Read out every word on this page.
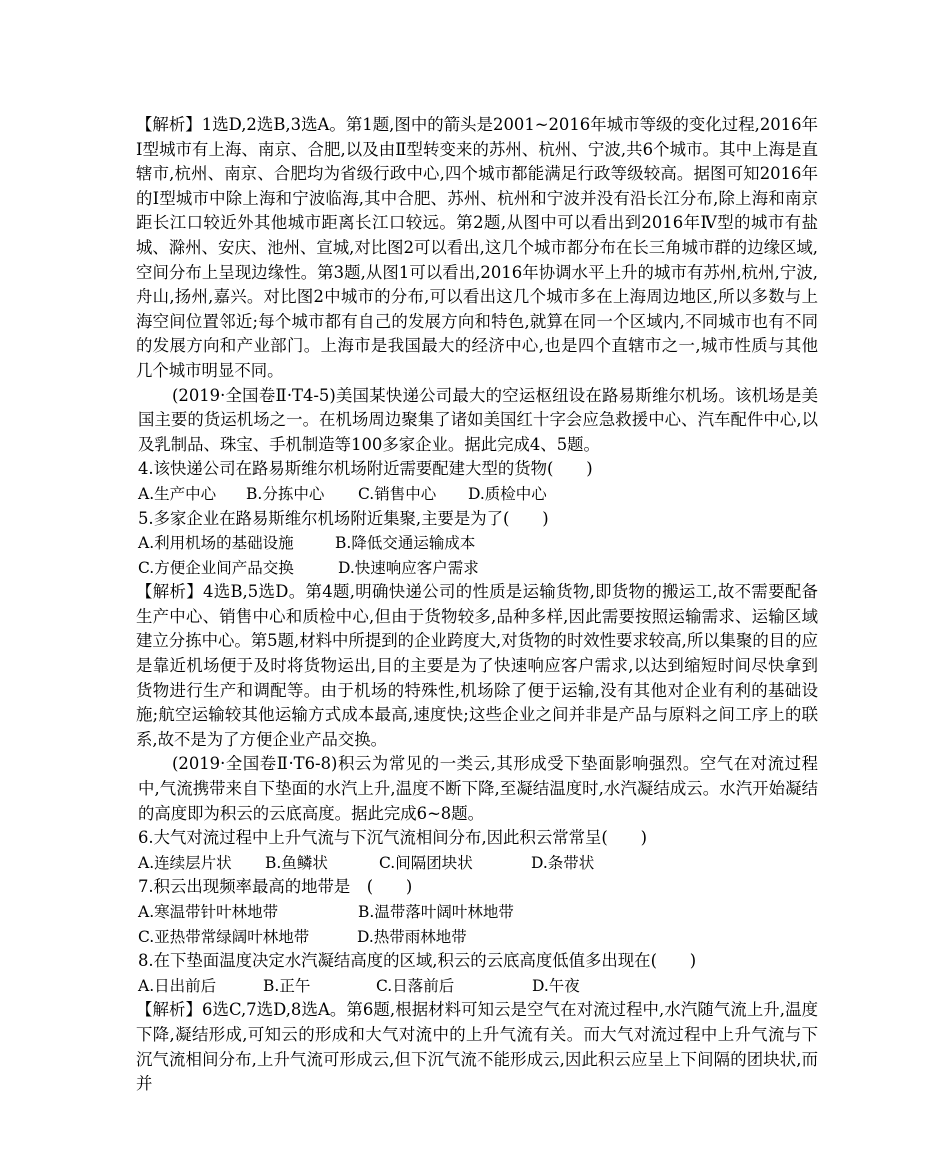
【解析】1选D,2选B,3选A。第1题,图中的箭头是2001~2016年城市等级的变化过程,2016年Ⅰ型城市有上海、南京、合肥,以及由Ⅱ型转变来的苏州、杭州、宁波,共6个城市。其中上海是直辖市,杭州、南京、合肥均为省级行政中心,四个城市都能满足行政等级较高。据图可知2016年的Ⅰ型城市中除上海和宁波临海,其中合肥、苏州、杭州和宁波并没有沿长江分布,除上海和南京距长江口较近外其他城市距离长江口较远。第2题,从图中可以看出到2016年Ⅳ型的城市有盐城、滁州、安庆、池州、宣城,对比图2可以看出,这几个城市都分布在长三角城市群的边缘区域,空间分布上呈现边缘性。第3题,从图1可以看出,2016年协调水平上升的城市有苏州,杭州,宁波,舟山,扬州,嘉兴。对比图2中城市的分布,可以看出这几个城市多在上海周边地区,所以多数与上海空间位置邻近;每个城市都有自己的发展方向和特色,就算在同一个区域内,不同城市也有不同的发展方向和产业部门。上海市是我国最大的经济中心,也是四个直辖市之一,城市性质与其他几个城市明显不同。

(2019·全国卷Ⅱ·T4-5)美国某快递公司最大的空运枢纽设在路易斯维尔机场。该机场是美国主要的货运机场之一。在机场周边聚集了诸如美国红十字会应急救援中心、汽车配件中心,以及乳制品、珠宝、手机制造等100多家企业。据此完成4、5题。

4.该快递公司在路易斯维尔机场附近需要配建大型的货物(　　)

A.生产中心	B.分拣中心	C.销售中心	D.质检中心

5.多家企业在路易斯维尔机场附近集聚,主要是为了(　　)

A.利用机场的基础设施	B.降低交通运输成本
C.方便企业间产品交换	D.快速响应客户需求

【解析】4选B,5选D。第4题,明确快递公司的性质是运输货物,即货物的搬运工,故不需要配备生产中心、销售中心和质检中心,但由于货物较多,品种多样,因此需要按照运输需求、运输区域建立分拣中心。第5题,材料中所提到的企业跨度大,对货物的时效性要求较高,所以集聚的目的应是靠近机场便于及时将货物运出,目的主要是为了快速响应客户需求,以达到缩短时间尽快拿到货物进行生产和调配等。由于机场的特殊性,机场除了便于运输,没有其他对企业有利的基础设施;航空运输较其他运输方式成本最高,速度快;这些企业之间并非是产品与原料之间工序上的联系,故不是为了方便企业产品交换。

(2019·全国卷Ⅱ·T6-8)积云为常见的一类云,其形成受下垫面影响强烈。空气在对流过程中,气流携带来自下垫面的水汽上升,温度不断下降,至凝结温度时,水汽凝结成云。水汽开始凝结的高度即为积云的云底高度。据此完成6~8题。

6.大气对流过程中上升气流与下沉气流相间分布,因此积云常常呈(　　)

A.连续层片状	B.鱼鳞状	C.间隔团块状	D.条带状

7.积云出现频率最高的地带是　(　　)

A.寒温带针叶林地带	B.温带落叶阔叶林地带
C.亚热带常绿阔叶林地带	D.热带雨林地带

8.在下垫面温度决定水汽凝结高度的区域,积云的云底高度低值多出现在(　　)

A.日出前后	B.正午	C.日落前后	D.午夜

【解析】6选C,7选D,8选A。第6题,根据材料可知云是空气在对流过程中,水汽随气流上升,温度下降,凝结形成,可知云的形成和大气对流中的上升气流有关。而大气对流过程中上升气流与下沉气流相间分布,上升气流可形成云,但下沉气流不能形成云,因此积云应呈上下间隔的团块状,而并
